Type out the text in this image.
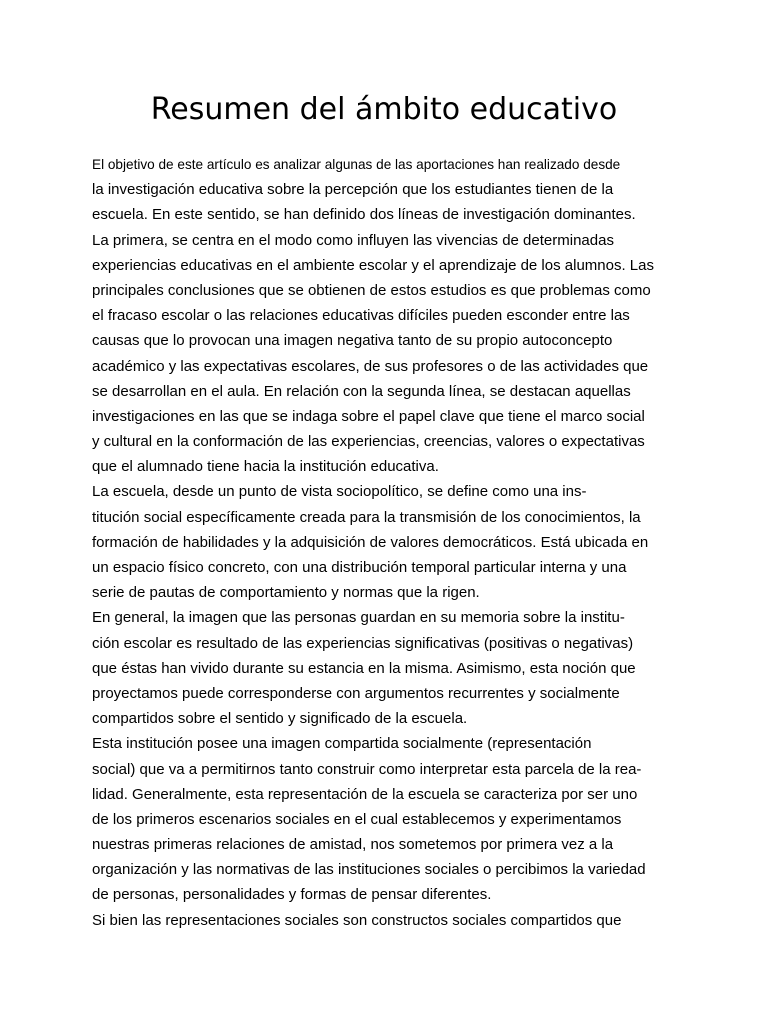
Resumen del ámbito educativo
El objetivo de este artículo es analizar algunas de las aportaciones han realizado desde
la investigación educativa sobre la percepción que los estudiantes tienen de la
escuela. En este sentido, se han definido dos líneas de investigación dominantes.
La primera, se centra en el modo como influyen las vivencias de determinadas
experiencias educativas en el ambiente escolar y el aprendizaje de los alumnos. Las
principales conclusiones que se obtienen de estos estudios es que problemas como
el fracaso escolar o las relaciones educativas difíciles pueden esconder entre las
causas que lo provocan una imagen negativa tanto de su propio autoconcepto
académico y las expectativas escolares, de sus profesores o de las actividades que
se desarrollan en el aula. En relación con la segunda línea, se destacan aquellas
investigaciones en las que se indaga sobre el papel clave que tiene el marco social
y cultural en la conformación de las experiencias, creencias, valores o expectativas
que el alumnado tiene hacia la institución educativa.
La escuela, desde un punto de vista sociopolítico, se define como una ins-
titución social específicamente creada para la transmisión de los conocimientos, la
formación de habilidades y la adquisición de valores democráticos. Está ubicada en
un espacio físico concreto, con una distribución temporal particular interna y una
serie de pautas de comportamiento y normas que la rigen.
En general, la imagen que las personas guardan en su memoria sobre la institu-
ción escolar es resultado de las experiencias significativas (positivas o negativas)
que éstas han vivido durante su estancia en la misma. Asimismo, esta noción que
proyectamos puede corresponderse con argumentos recurrentes y socialmente
compartidos sobre el sentido y significado de la escuela.
Esta institución posee una imagen compartida socialmente (representación
social) que va a permitirnos tanto construir como interpretar esta parcela de la rea-
lidad. Generalmente, esta representación de la escuela se caracteriza por ser uno
de los primeros escenarios sociales en el cual establecemos y experimentamos
nuestras primeras relaciones de amistad, nos sometemos por primera vez a la
organización y las normativas de las instituciones sociales o percibimos la variedad
de personas, personalidades y formas de pensar diferentes.
Si bien las representaciones sociales son constructos sociales compartidos que
